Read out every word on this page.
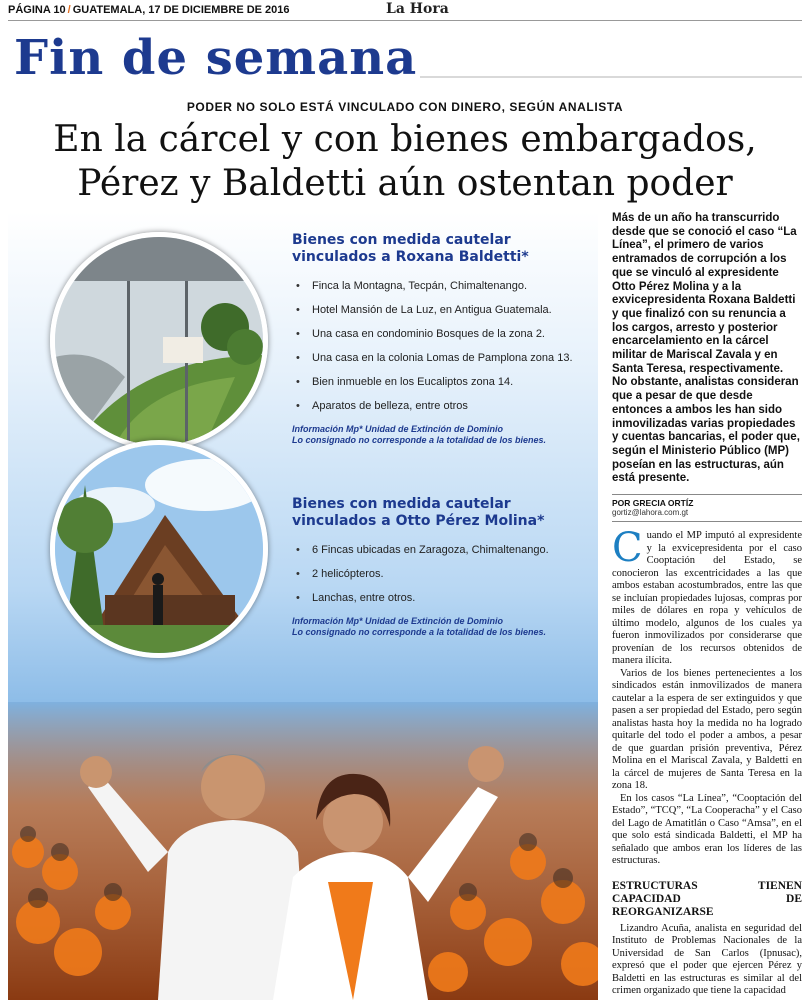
PÁGINA 10 / GUATEMALA, 17 DE DICIEMBRE DE 2016	La Hora
Fin de semana
PODER NO SOLO ESTÁ VINCULADO CON DINERO, SEGÚN ANALISTA
En la cárcel y con bienes embargados,
Pérez y Baldetti aún ostentan poder
Bienes con medida cautelar vinculados a Roxana Baldetti*
• Finca la Montagna, Tecpán, Chimaltenango.
• Hotel Mansión de La Luz, en Antigua Guatemala.
• Una casa en condominio Bosques de la zona 2.
• Una casa en la colonia Lomas de Pamplona zona 13.
• Bien inmueble en los Eucaliptos zona 14.
• Aparatos de belleza, entre otros
Información Mp* Unidad de Extinción de Dominio
Lo consignado no corresponde a la totalidad de los bienes.
Bienes con medida cautelar vinculados a Otto Pérez Molina*
• 6 Fincas ubicadas en Zaragoza, Chimaltenango.
• 2 helicópteros.
• Lanchas, entre otros.
Información Mp* Unidad de Extinción de Dominio
Lo consignado no corresponde a la totalidad de los bienes.

Más de un año ha transcurrido desde que se conoció el caso “La Línea”, el primero de varios entramados de corrupción a los que se vinculó al expresidente Otto Pérez Molina y a la exvicepresidenta Roxana Baldetti y que finalizó con su renuncia a los cargos, arresto y posterior encarcelamiento en la cárcel militar de Mariscal Zavala y en Santa Teresa, respectivamente.

No obstante, analistas consideran que a pesar de que desde entonces a ambos les han sido inmovilizadas varias propiedades y cuentas bancarias, el poder que, según el Ministerio Público (MP) poseían en las estructuras, aún está presente.

POR GRECIA ORTÍZ
gortiz@lahora.com.gt

Cuando el MP imputó al expresidente y la exvicepresidenta por el caso Cooptación del Estado, se conocieron las excentricidades a las que ambos estaban acostumbrados, entre las que se incluían propiedades lujosas, compras por miles de dólares en ropa y vehículos de último modelo, algunos de los cuales ya fueron inmovilizados por considerarse que provenían de los recursos obtenidos de manera ilícita.

Varios de los bienes pertenecientes a los sindicados están inmovilizados de manera cautelar a la espera de ser extinguidos y que pasen a ser propiedad del Estado, pero según analistas hasta hoy la medida no ha logrado quitarle del todo el poder a ambos, a pesar de que guardan prisión preventiva, Pérez Molina en el Mariscal Zavala, y Baldetti en la cárcel de mujeres de Santa Teresa en la zona 18.

En los casos “La Línea”, “Cooptación del Estado”, “TCQ”, “La Cooperacha” y el Caso del Lago de Amatitlán o Caso “Amsa”, en el que solo está sindicada Baldetti, el MP ha señalado que ambos eran los líderes de las estructuras.

ESTRUCTURAS TIENEN CAPACIDAD DE REORGANIZARSE

Lizandro Acuña, analista en seguridad del Instituto de Problemas Nacionales de la Universidad de San Carlos (Ipnusac), expresó que el poder que ejercen Pérez y Baldetti en las estructuras es similar al del crimen organizado que tiene la capacidad
